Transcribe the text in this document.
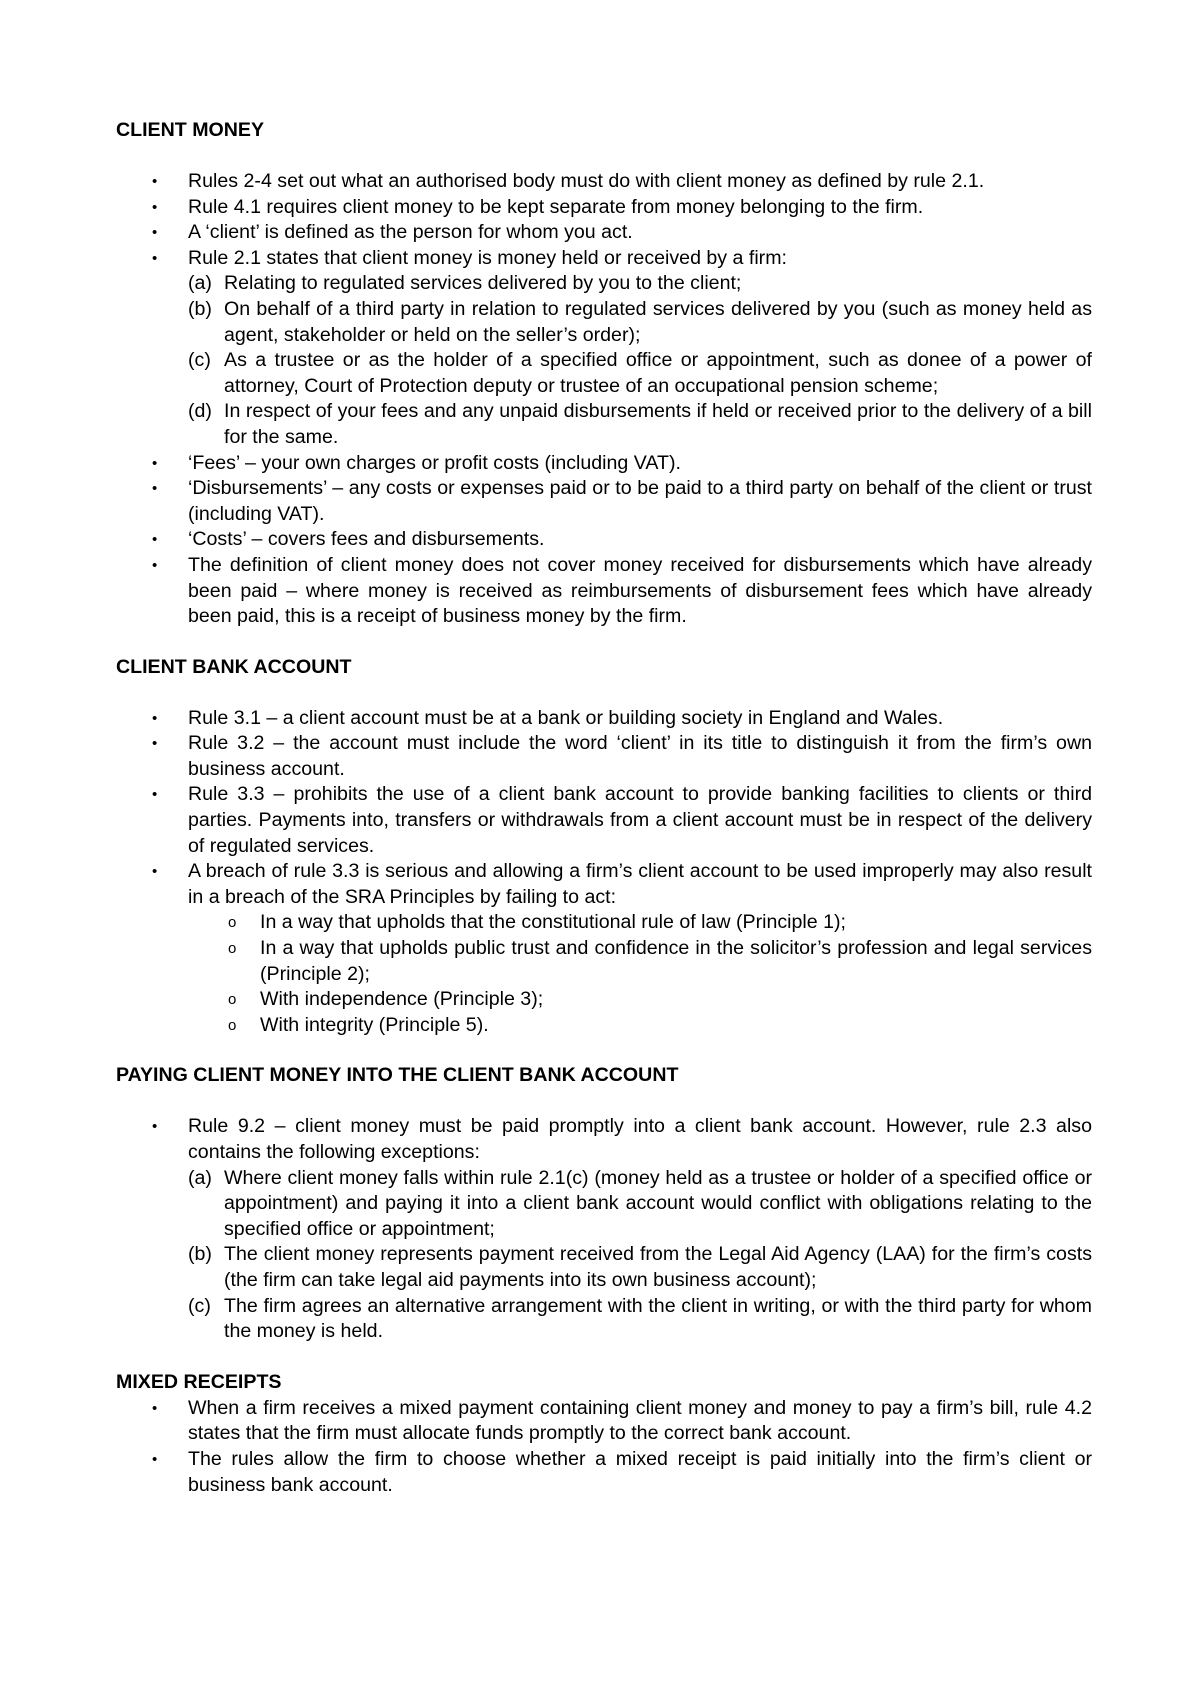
CLIENT MONEY
•	Rules 2-4 set out what an authorised body must do with client money as defined by rule 2.1.
•	Rule 4.1 requires client money to be kept separate from money belonging to the firm.
•	A ‘client’ is defined as the person for whom you act.
•	Rule 2.1 states that client money is money held or received by a firm:
(a) Relating to regulated services delivered by you to the client;
(b) On behalf of a third party in relation to regulated services delivered by you (such as money held as agent, stakeholder or held on the seller’s order);
(c) As a trustee or as the holder of a specified office or appointment, such as donee of a power of attorney, Court of Protection deputy or trustee of an occupational pension scheme;
(d) In respect of your fees and any unpaid disbursements if held or received prior to the delivery of a bill for the same.
•	‘Fees’ – your own charges or profit costs (including VAT).
•	‘Disbursements’ – any costs or expenses paid or to be paid to a third party on behalf of the client or trust (including VAT).
•	‘Costs’ – covers fees and disbursements.
•	The definition of client money does not cover money received for disbursements which have already been paid – where money is received as reimbursements of disbursement fees which have already been paid, this is a receipt of business money by the firm.
CLIENT BANK ACCOUNT
•	Rule 3.1 – a client account must be at a bank or building society in England and Wales.
•	Rule 3.2 – the account must include the word ‘client’ in its title to distinguish it from the firm’s own business account.
•	Rule 3.3 – prohibits the use of a client bank account to provide banking facilities to clients or third parties. Payments into, transfers or withdrawals from a client account must be in respect of the delivery of regulated services.
•	A breach of rule 3.3 is serious and allowing a firm’s client account to be used improperly may also result in a breach of the SRA Principles by failing to act:
o In a way that upholds that the constitutional rule of law (Principle 1);
o In a way that upholds public trust and confidence in the solicitor’s profession and legal services (Principle 2);
o With independence (Principle 3);
o With integrity (Principle 5).
PAYING CLIENT MONEY INTO THE CLIENT BANK ACCOUNT
•	Rule 9.2 – client money must be paid promptly into a client bank account. However, rule 2.3 also contains the following exceptions:
(a) Where client money falls within rule 2.1(c) (money held as a trustee or holder of a specified office or appointment) and paying it into a client bank account would conflict with obligations relating to the specified office or appointment;
(b) The client money represents payment received from the Legal Aid Agency (LAA) for the firm’s costs (the firm can take legal aid payments into its own business account);
(c) The firm agrees an alternative arrangement with the client in writing, or with the third party for whom the money is held.
MIXED RECEIPTS
•	When a firm receives a mixed payment containing client money and money to pay a firm’s bill, rule 4.2 states that the firm must allocate funds promptly to the correct bank account.
•	The rules allow the firm to choose whether a mixed receipt is paid initially into the firm’s client or business bank account.
